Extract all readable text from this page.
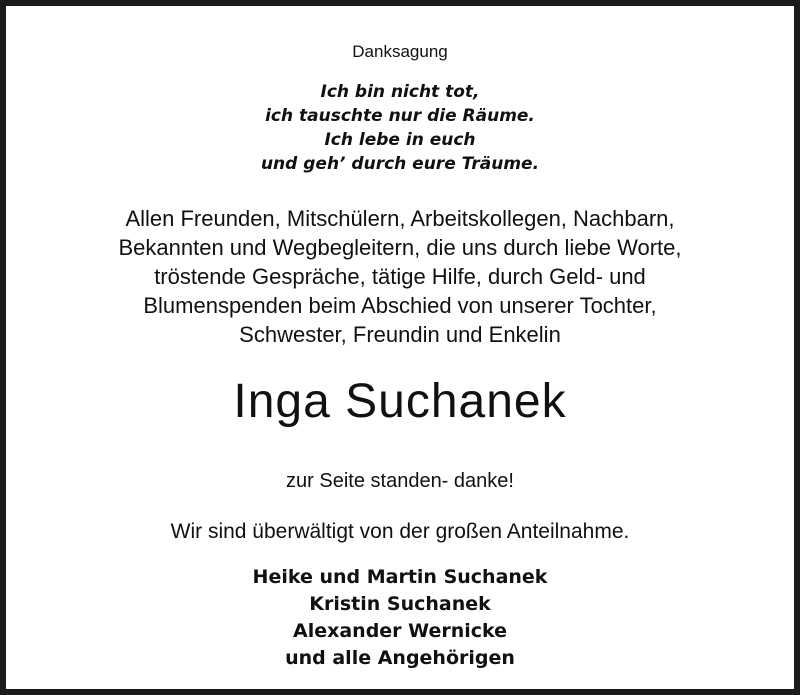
Danksagung
Ich bin nicht tot,
ich tauschte nur die Räume.
Ich lebe in euch
und geh’ durch eure Träume.
Allen Freunden, Mitschülern, Arbeitskollegen, Nachbarn,
Bekannten und Wegbegleitern, die uns durch liebe Worte,
tröstende Gespräche, tätige Hilfe, durch Geld- und
Blumenspenden beim Abschied von unserer Tochter,
Schwester, Freundin und Enkelin
Inga Suchanek
zur Seite standen- danke!
Wir sind überwältigt von der großen Anteilnahme.
Heike und Martin Suchanek
Kristin Suchanek
Alexander Wernicke
und alle Angehörigen
